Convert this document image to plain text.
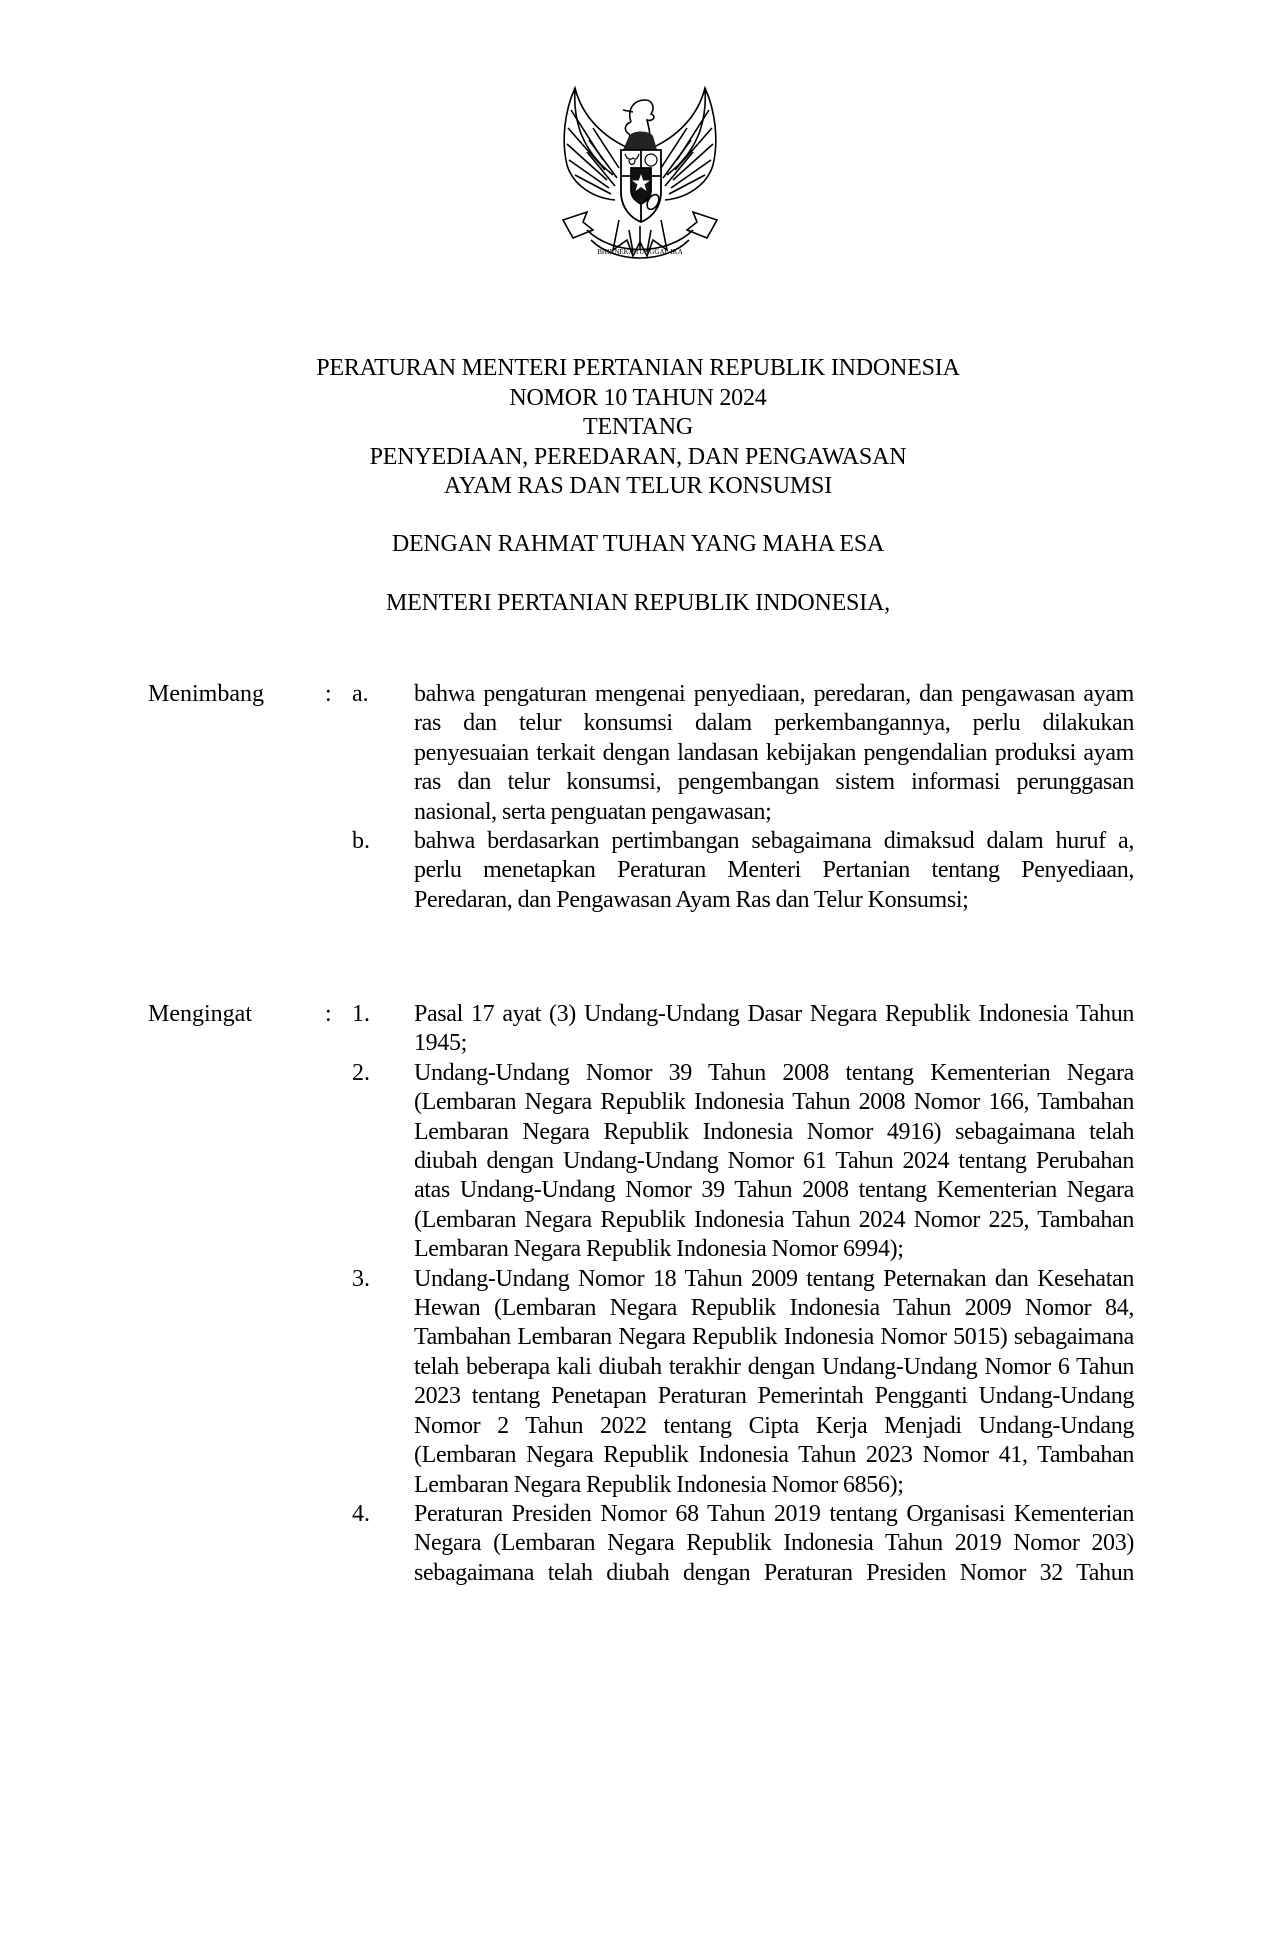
BHINNEKA TUNGGAL IKA
PERATURAN MENTERI PERTANIAN REPUBLIK INDONESIA
NOMOR 10 TAHUN 2024
TENTANG
PENYEDIAAN, PEREDARAN, DAN PENGAWASAN
AYAM RAS DAN TELUR KONSUMSI
DENGAN RAHMAT TUHAN YANG MAHA ESA
MENTERI PERTANIAN REPUBLIK INDONESIA,
Menimbang	: a.	bahwa pengaturan mengenai penyediaan, peredaran, dan pengawasan ayam ras dan telur konsumsi dalam perkembangannya, perlu dilakukan penyesuaian terkait dengan landasan kebijakan pengendalian produksi ayam ras dan telur konsumsi, pengembangan sistem informasi perunggasan nasional, serta penguatan pengawasan;
b.	bahwa berdasarkan pertimbangan sebagaimana dimaksud dalam huruf a, perlu menetapkan Peraturan Menteri Pertanian tentang Penyediaan, Peredaran, dan Pengawasan Ayam Ras dan Telur Konsumsi;
Mengingat	: 1.	Pasal 17 ayat (3) Undang-Undang Dasar Negara Republik Indonesia Tahun 1945;
2.	Undang-Undang Nomor 39 Tahun 2008 tentang Kementerian Negara (Lembaran Negara Republik Indonesia Tahun 2008 Nomor 166, Tambahan Lembaran Negara Republik Indonesia Nomor 4916) sebagaimana telah diubah dengan Undang-Undang Nomor 61 Tahun 2024 tentang Perubahan atas Undang-Undang Nomor 39 Tahun 2008 tentang Kementerian Negara (Lembaran Negara Republik Indonesia Tahun 2024 Nomor 225, Tambahan Lembaran Negara Republik Indonesia Nomor 6994);
3.	Undang-Undang Nomor 18 Tahun 2009 tentang Peternakan dan Kesehatan Hewan (Lembaran Negara Republik Indonesia Tahun 2009 Nomor 84, Tambahan Lembaran Negara Republik Indonesia Nomor 5015) sebagaimana telah beberapa kali diubah terakhir dengan Undang-Undang Nomor 6 Tahun 2023 tentang Penetapan Peraturan Pemerintah Pengganti Undang-Undang Nomor 2 Tahun 2022 tentang Cipta Kerja Menjadi Undang-Undang (Lembaran Negara Republik Indonesia Tahun 2023 Nomor 41, Tambahan Lembaran Negara Republik Indonesia Nomor 6856);
4.	Peraturan Presiden Nomor 68 Tahun 2019 tentang Organisasi Kementerian Negara (Lembaran Negara Republik Indonesia Tahun 2019 Nomor 203) sebagaimana telah diubah dengan Peraturan Presiden Nomor 32 Tahun
